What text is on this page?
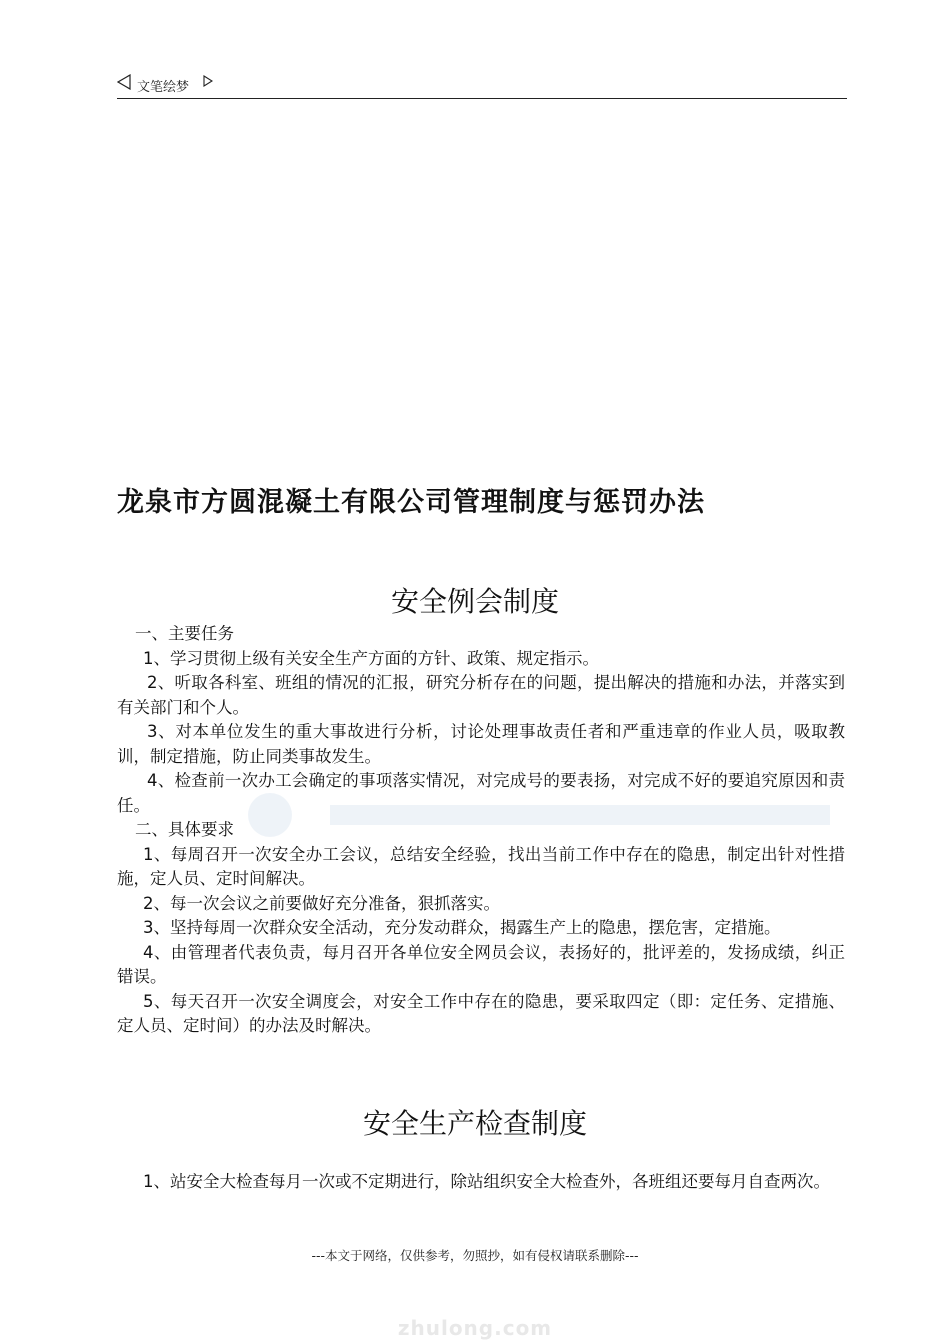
文笔绘梦
龙泉市方圆混凝土有限公司管理制度与惩罚办法
安全例会制度

一、主要任务

1、学习贯彻上级有关安全生产方面的方针、政策、规定指示。

2、听取各科室、班组的情况的汇报，研究分析存在的问题，提出解决的措施和办法，并落实到有关部门和个人。

3、对本单位发生的重大事故进行分析，讨论处理事故责任者和严重违章的作业人员，吸取教训，制定措施，防止同类事故发生。

4、检查前一次办工会确定的事项落实情况，对完成号的要表扬，对完成不好的要追究原因和责任。

二、具体要求

1、每周召开一次安全办工会议，总结安全经验，找出当前工作中存在的隐患，制定出针对性措施，定人员、定时间解决。

2、每一次会议之前要做好充分准备，狠抓落实。

3、坚持每周一次群众安全活动，充分发动群众，揭露生产上的隐患，摆危害，定措施。

4、由管理者代表负责，每月召开各单位安全网员会议，表扬好的，批评差的，发扬成绩，纠正错误。

5、每天召开一次安全调度会，对安全工作中存在的隐患，要采取四定（即：定任务、定措施、定人员、定时间）的办法及时解决。

安全生产检查制度

1、站安全大检查每月一次或不定期进行，除站组织安全大检查外，各班组还要每月自查两次。

---本文于网络，仅供参考，勿照抄，如有侵权请联系删除---
zhulong.com
